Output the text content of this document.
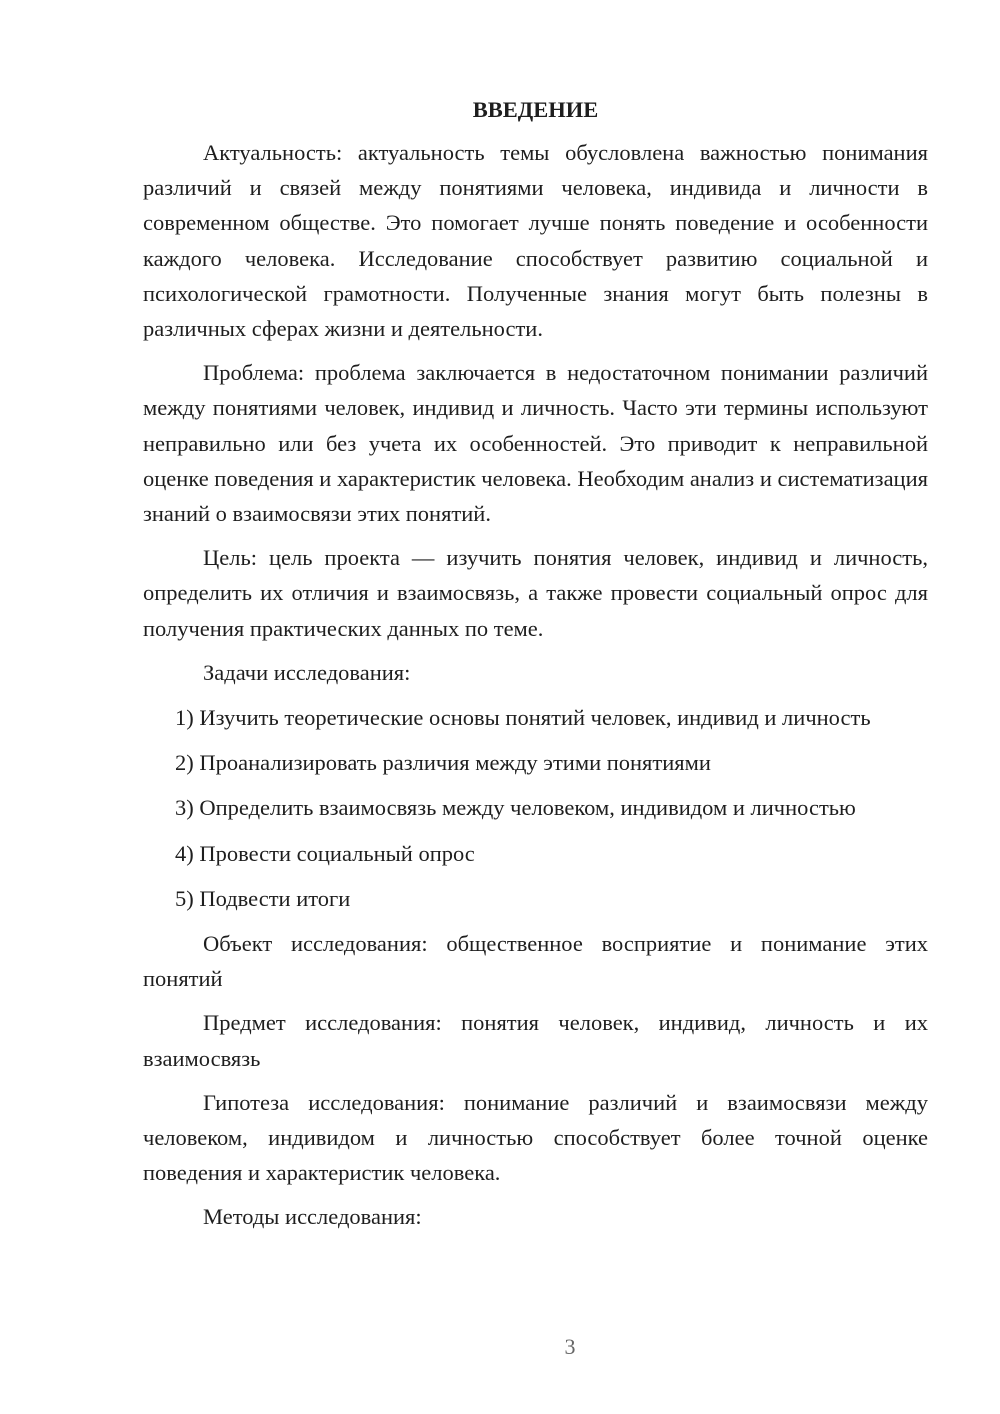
ВВЕДЕНИЕ

Актуальность: актуальность темы обусловлена важностью понимания различий и связей между понятиями человека, индивида и личности в современном обществе. Это помогает лучше понять поведение и особенности каждого человека. Исследование способствует развитию социальной и психологической грамотности. Полученные знания могут быть полезны в различных сферах жизни и деятельности.

Проблема: проблема заключается в недостаточном понимании различий между понятиями человек, индивид и личность. Часто эти термины используют неправильно или без учета их особенностей. Это приводит к неправильной оценке поведения и характеристик человека. Необходим анализ и систематизация знаний о взаимосвязи этих понятий.

Цель: цель проекта — изучить понятия человек, индивид и личность, определить их отличия и взаимосвязь, а также провести социальный опрос для получения практических данных по теме.

Задачи исследования:

1) Изучить теоретические основы понятий человек, индивид и личность

2) Проанализировать различия между этими понятиями

3) Определить взаимосвязь между человеком, индивидом и личностью

4) Провести социальный опрос

5) Подвести итоги

Объект исследования: общественное восприятие и понимание этих понятий

Предмет исследования: понятия человек, индивид, личность и их взаимосвязь

Гипотеза исследования: понимание различий и взаимосвязи между человеком, индивидом и личностью способствует более точной оценке поведения и характеристик человека.

Методы исследования:

3
